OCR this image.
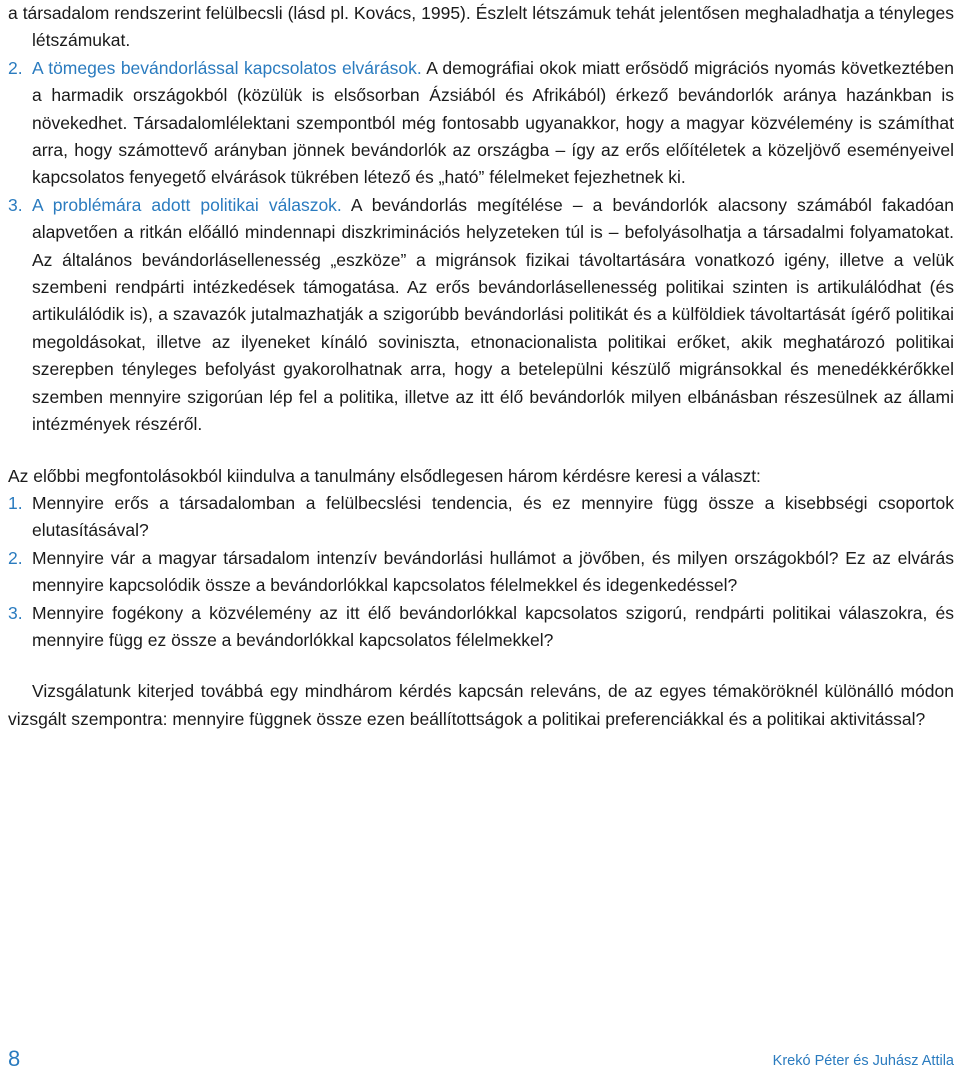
a társadalom rendszerint felülbecsli (lásd pl. Kovács, 1995). Észlelt létszámuk tehát jelentősen meghaladhatja a tényleges létszámukat.

2. A tömeges bevándorlással kapcsolatos elvárások. A demográfiai okok miatt erősödő migrációs nyomás következtében a harmadik országokból (közülük is elsősorban Ázsiából és Afrikából) érkező bevándorlók aránya hazánkban is növekedhet. Társadalomlélektani szempontból még fontosabb ugyanakkor, hogy a magyar közvélemény is számíthat arra, hogy számottevő arányban jönnek bevándorlók az országba – így az erős előítéletek a közeljövő eseményeivel kapcsolatos fenyegető elvárások tükrében létező és „ható” félelmeket fejezhetnek ki.

3. A problémára adott politikai válaszok. A bevándorlás megítélése – a bevándorlók alacsony számából fakadóan alapvetően a ritkán előálló mindennapi diszkriminációs helyzeteken túl is – befolyásolhatja a társadalmi folyamatokat. Az általános bevándorlásellenesség „eszköze” a migránsok fizikai távoltartására vonatkozó igény, illetve a velük szembeni rendpárti intézkedések támogatása. Az erős bevándorlásellenesség politikai szinten is artikulálódhat (és artikulálódik is), a szavazók jutalmazhatják a szigorúbb bevándorlási politikát és a külföldiek távoltartását ígérő politikai megoldásokat, illetve az ilyeneket kínáló soviniszta, etnonacionalista politikai erőket, akik meghatározó politikai szerepben tényleges befolyást gyakorolhatnak arra, hogy a betelepülni készülő migránsokkal és menedékkérőkkel szemben mennyire szigorúan lép fel a politika, illetve az itt élő bevándorlók milyen elbánásban részesülnek az állami intézmények részéről.

Az előbbi megfontolásokból kiindulva a tanulmány elsődlegesen három kérdésre keresi a választ:

1. Mennyire erős a társadalomban a felülbecslési tendencia, és ez mennyire függ össze a kisebbségi csoportok elutasításával?

2. Mennyire vár a magyar társadalom intenzív bevándorlási hullámot a jövőben, és milyen országokból? Ez az elvárás mennyire kapcsolódik össze a bevándorlókkal kapcsolatos félelmekkel és idegenkedéssel?

3. Mennyire fogékony a közvélemény az itt élő bevándorlókkal kapcsolatos szigorú, rendpárti politikai válaszokra, és mennyire függ ez össze a bevándorlókkal kapcsolatos félelmekkel?

Vizsgálatunk kiterjed továbbá egy mindhárom kérdés kapcsán releváns, de az egyes témaköröknél különálló módon vizsgált szempontra: mennyire függnek össze ezen beállítottságok a politikai preferenciákkal és a politikai aktivitással?

8	Krekó Péter és Juhász Attila
